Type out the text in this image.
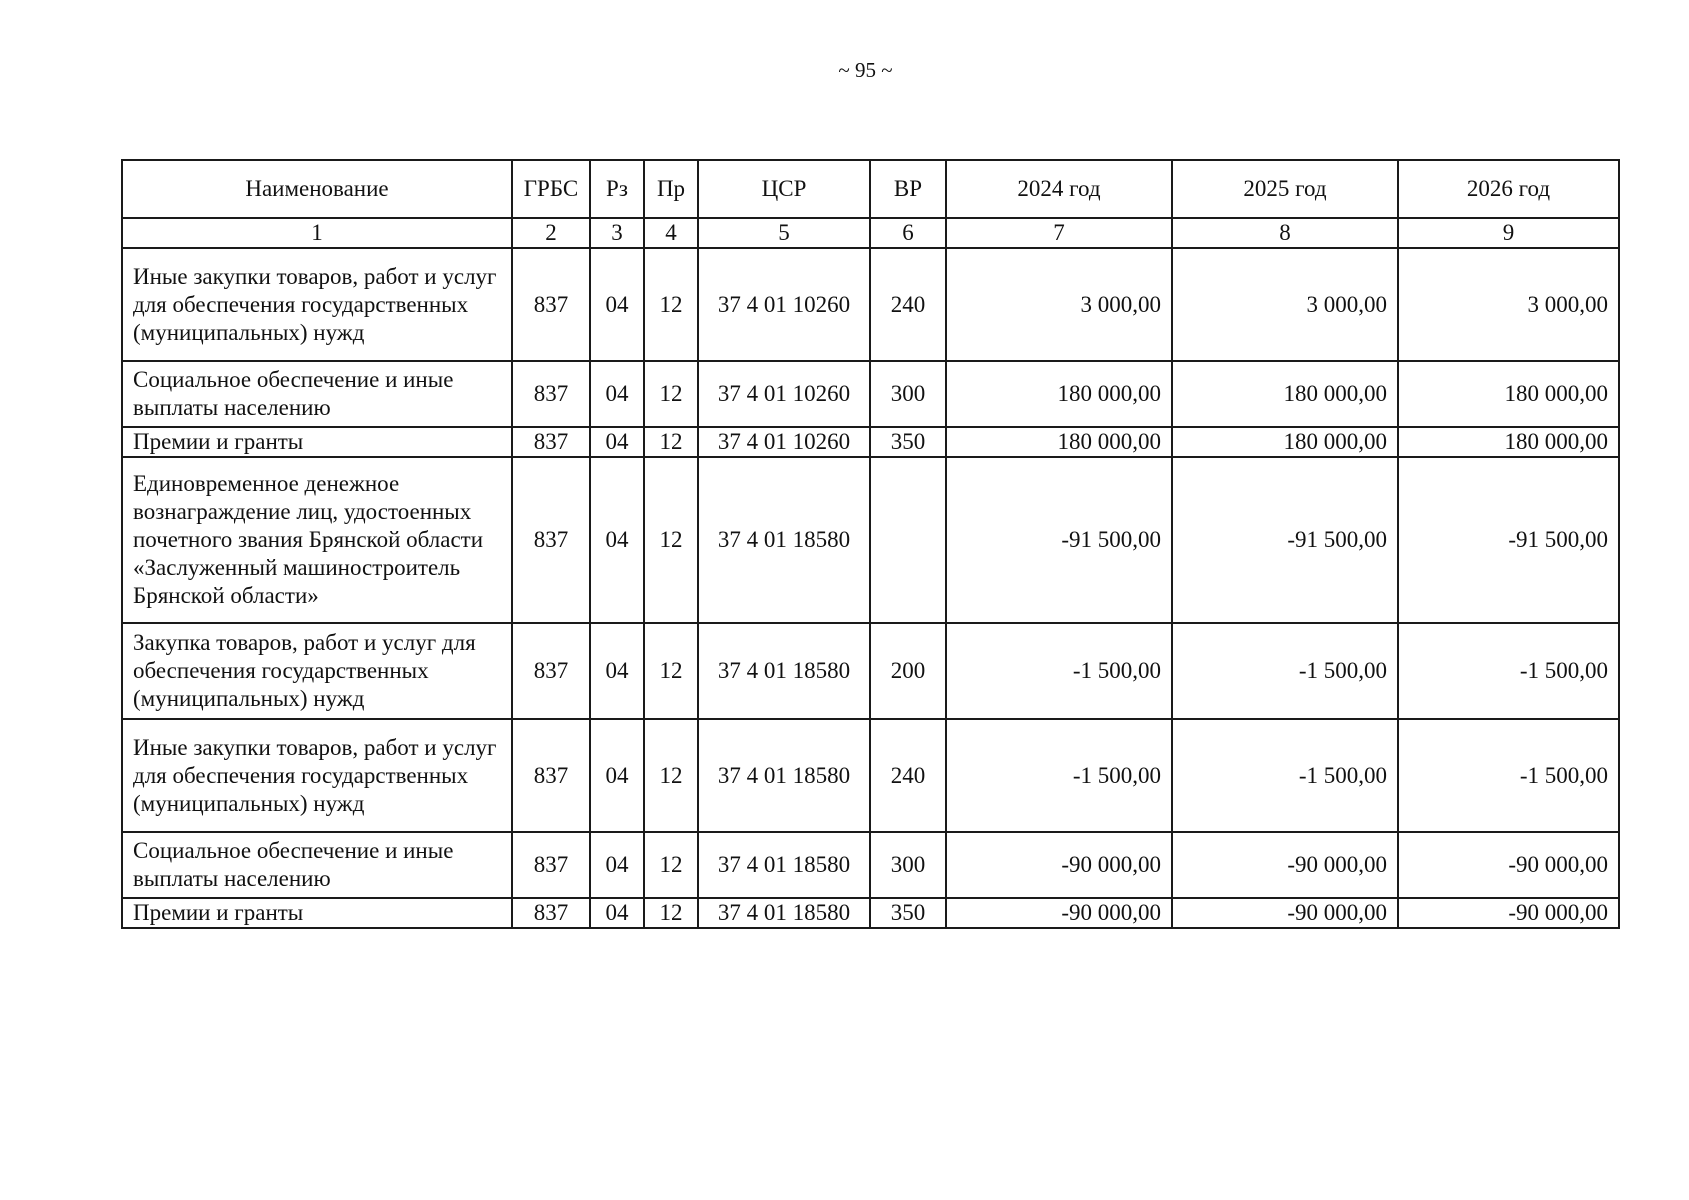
~ 95 ~
Наименование	ГРБС	Рз	Пр	ЦСР	ВР	2024 год	2025 год	2026 год
1	2	3	4	5	6	7	8	9
Иные закупки товаров, работ и услуг для обеспечения государственных (муниципальных) нужд	837	04	12	37 4 01 10260	240	3 000,00	3 000,00	3 000,00
Социальное обеспечение и иные выплаты населению	837	04	12	37 4 01 10260	300	180 000,00	180 000,00	180 000,00
Премии и гранты	837	04	12	37 4 01 10260	350	180 000,00	180 000,00	180 000,00
Единовременное денежное вознаграждение лиц, удостоенных почетного звания Брянской области «Заслуженный машиностроитель Брянской области»	837	04	12	37 4 01 18580		-91 500,00	-91 500,00	-91 500,00
Закупка товаров, работ и услуг для обеспечения государственных (муниципальных) нужд	837	04	12	37 4 01 18580	200	-1 500,00	-1 500,00	-1 500,00
Иные закупки товаров, работ и услуг для обеспечения государственных (муниципальных) нужд	837	04	12	37 4 01 18580	240	-1 500,00	-1 500,00	-1 500,00
Социальное обеспечение и иные выплаты населению	837	04	12	37 4 01 18580	300	-90 000,00	-90 000,00	-90 000,00
Премии и гранты	837	04	12	37 4 01 18580	350	-90 000,00	-90 000,00	-90 000,00
